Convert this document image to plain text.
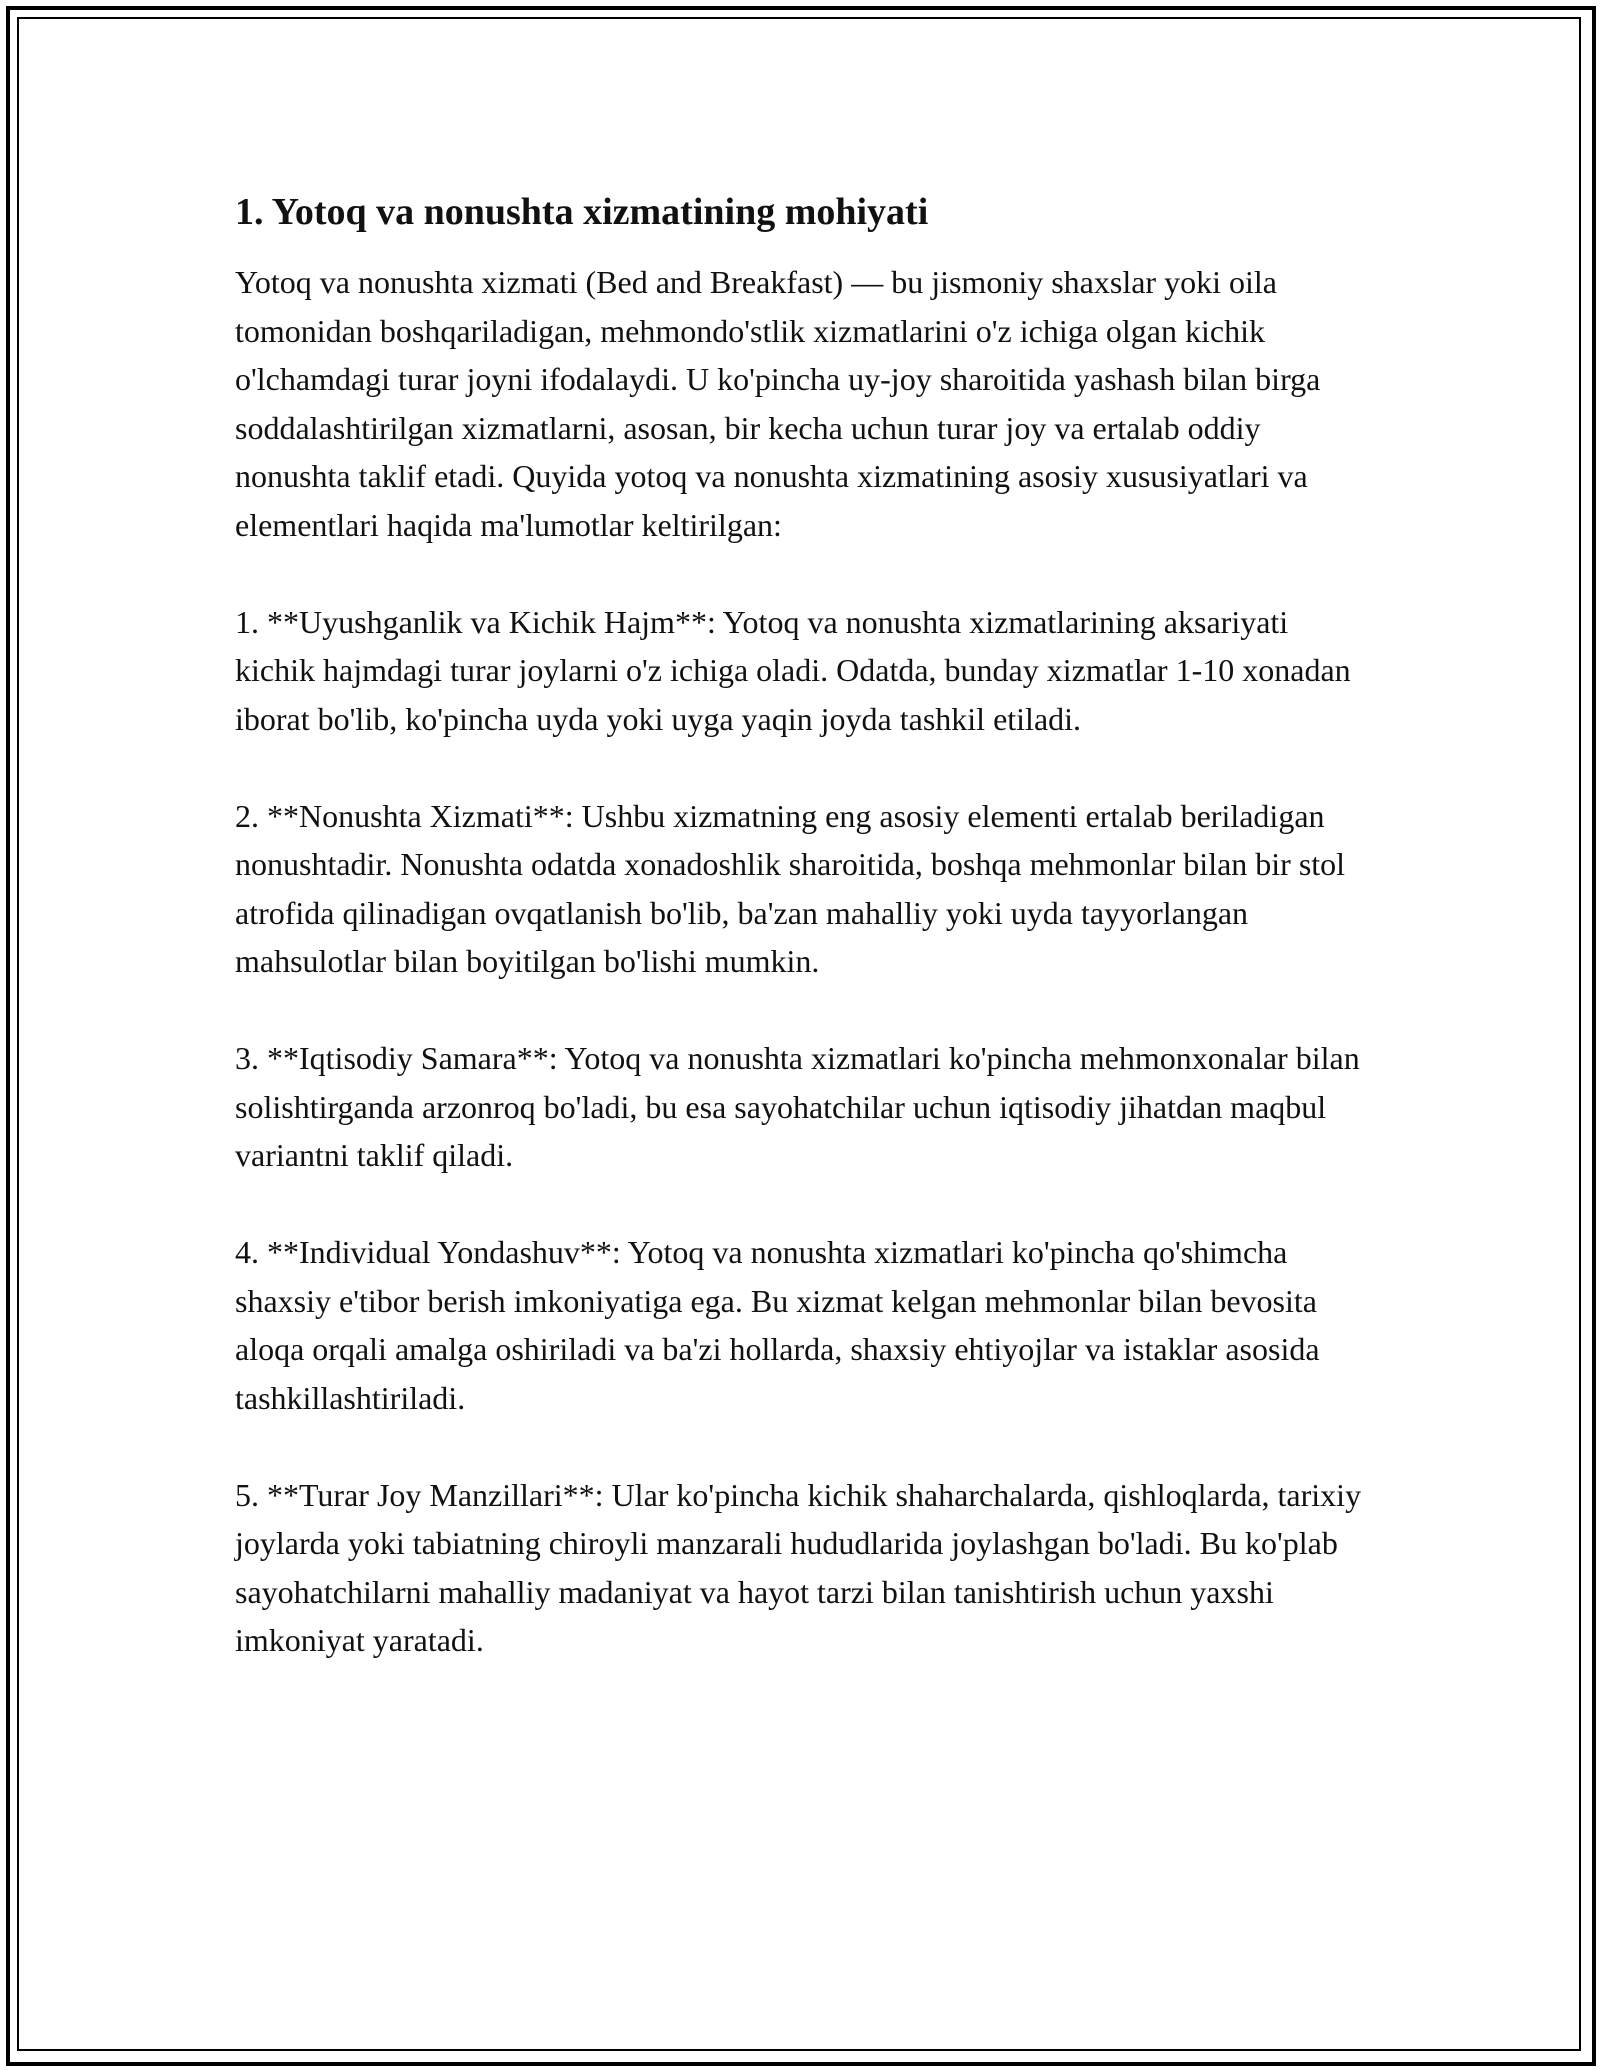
1. Yotoq va nonushta xizmatining mohiyati

Yotoq va nonushta xizmati (Bed and Breakfast) — bu jismoniy shaxslar yoki oila tomonidan boshqariladigan, mehmondo'stlik xizmatlarini o'z ichiga olgan kichik o'lchamdagi turar joyni ifodalaydi. U ko'pincha uy-joy sharoitida yashash bilan birga soddalashtirilgan xizmatlarni, asosan, bir kecha uchun turar joy va ertalab oddiy nonushta taklif etadi. Quyida yotoq va nonushta xizmatining asosiy xususiyatlari va elementlari haqida ma'lumotlar keltirilgan:

1. **Uyushganlik va Kichik Hajm**: Yotoq va nonushta xizmatlarining aksariyati kichik hajmdagi turar joylarni o'z ichiga oladi. Odatda, bunday xizmatlar 1-10 xonadan iborat bo'lib, ko'pincha uyda yoki uyga yaqin joyda tashkil etiladi.

2. **Nonushta Xizmati**: Ushbu xizmatning eng asosiy elementi ertalab beriladigan nonushtadir. Nonushta odatda xonadoshlik sharoitida, boshqa mehmonlar bilan bir stol atrofida qilinadigan ovqatlanish bo'lib, ba'zan mahalliy yoki uyda tayyorlangan mahsulotlar bilan boyitilgan bo'lishi mumkin.

3. **Iqtisodiy Samara**: Yotoq va nonushta xizmatlari ko'pincha mehmonxonalar bilan solishtirganda arzonroq bo'ladi, bu esa sayohatchilar uchun iqtisodiy jihatdan maqbul variantni taklif qiladi.

4. **Individual Yondashuv**: Yotoq va nonushta xizmatlari ko'pincha qo'shimcha shaxsiy e'tibor berish imkoniyatiga ega. Bu xizmat kelgan mehmonlar bilan bevosita aloqa orqali amalga oshiriladi va ba'zi hollarda, shaxsiy ehtiyojlar va istaklar asosida tashkillashtiriladi.

5. **Turar Joy Manzillari**: Ular ko'pincha kichik shaharchalarda, qishloqlarda, tarixiy joylarda yoki tabiatning chiroyli manzarali hududlarida joylashgan bo'ladi. Bu ko'plab sayohatchilarni mahalliy madaniyat va hayot tarzi bilan tanishtirish uchun yaxshi imkoniyat yaratadi.
